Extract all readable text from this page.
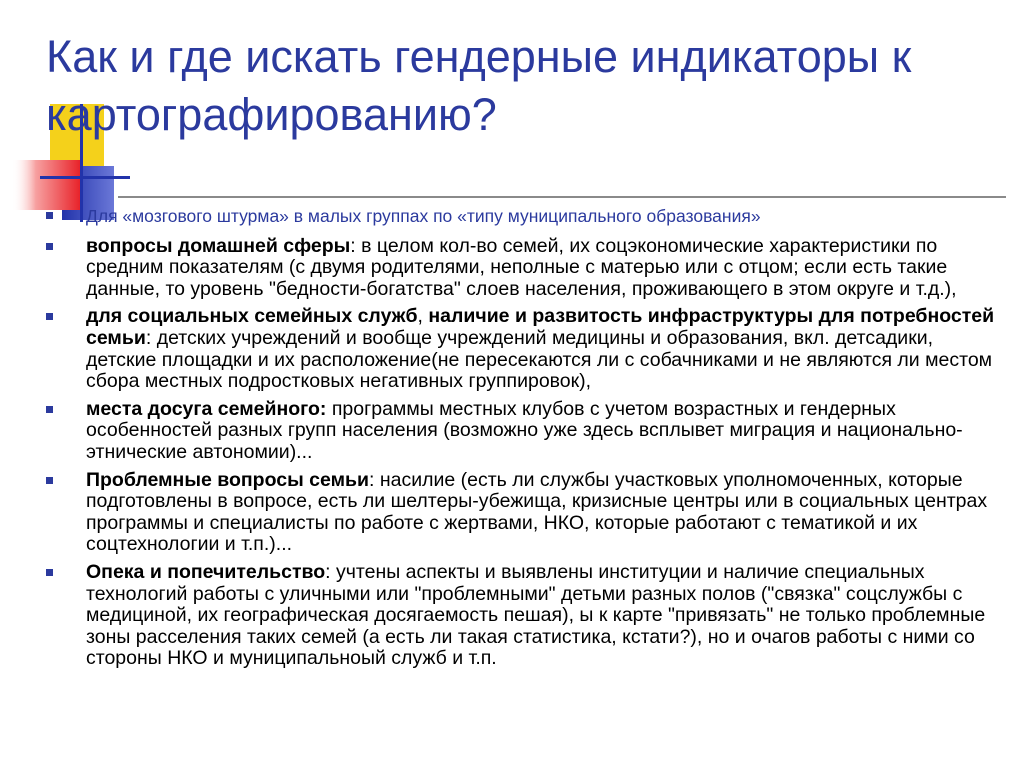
Как и где искать гендерные индикаторы к картографированию?
Для «мозгового штурма» в малых группах по «типу муниципального образования»
вопросы домашней сферы: в целом кол-во семей, их соцэкономические характеристики по средним показателям (с двумя родителями, неполные с матерью или с отцом; если есть такие данные, то уровень "бедности-богатства" слоев населения, проживающего в этом округе и т.д.),
для социальных семейных служб, наличие и развитость инфраструктуры для потребностей семьи: детских учреждений и вообще учреждений медицины и образования, вкл. детсадики, детские площадки и их расположение(не пересекаются ли с собачниками и не являются ли местом сбора местных подростковых негативных группировок),
места досуга семейного: программы местных клубов с учетом возрастных и гендерных особенностей разных групп населения (возможно уже здесь всплывет миграция и национально-этнические автономии)...
Проблемные вопросы семьи: насилие (есть ли службы участковых уполномоченных, которые подготовлены в вопросе, есть ли шелтеры-убежища, кризисные центры или в социальных центрах программы и специалисты по работе с жертвами, НКО, которые работают с тематикой и их соцтехнологии и т.п.)...
Опека и попечительство: учтены аспекты и выявлены институции и наличие специальных технологий работы с уличными или "проблемными" детьми разных полов ("связка" соцслужбы с медициной, их географическая досягаемость пешая), ы к карте "привязать" не только проблемные зоны расселения таких семей (а есть ли такая статистика, кстати?), но и очагов работы с ними со стороны НКО и муниципальноый служб и т.п.
